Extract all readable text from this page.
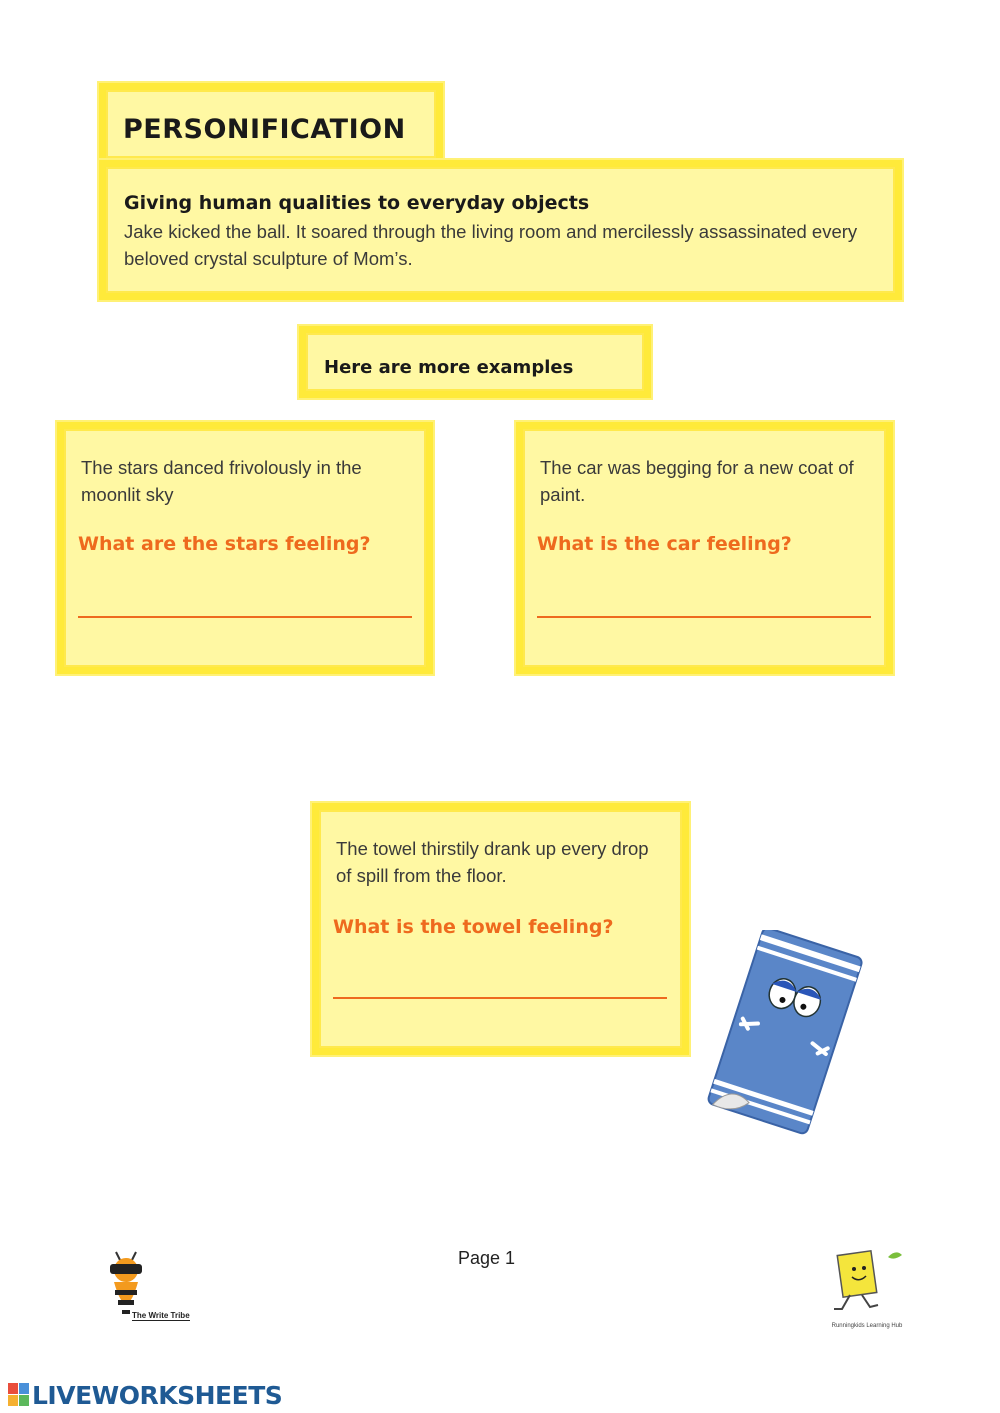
PERSONIFICATION
Giving human qualities to everyday objects
Jake kicked the ball. It soared through the living room and mercilessly assassinated every beloved crystal sculpture of Mom’s.
Here are more examples
The stars danced frivolously in the moonlit sky
What are the stars feeling?
The car was begging for a new coat of paint.
What is the car feeling?
The towel thirstily drank up every drop of spill from the floor.
What is the towel feeling?
Page 1
The Write Tribe
Runningkids Learning Hub
LIVEWORKSHEETS
